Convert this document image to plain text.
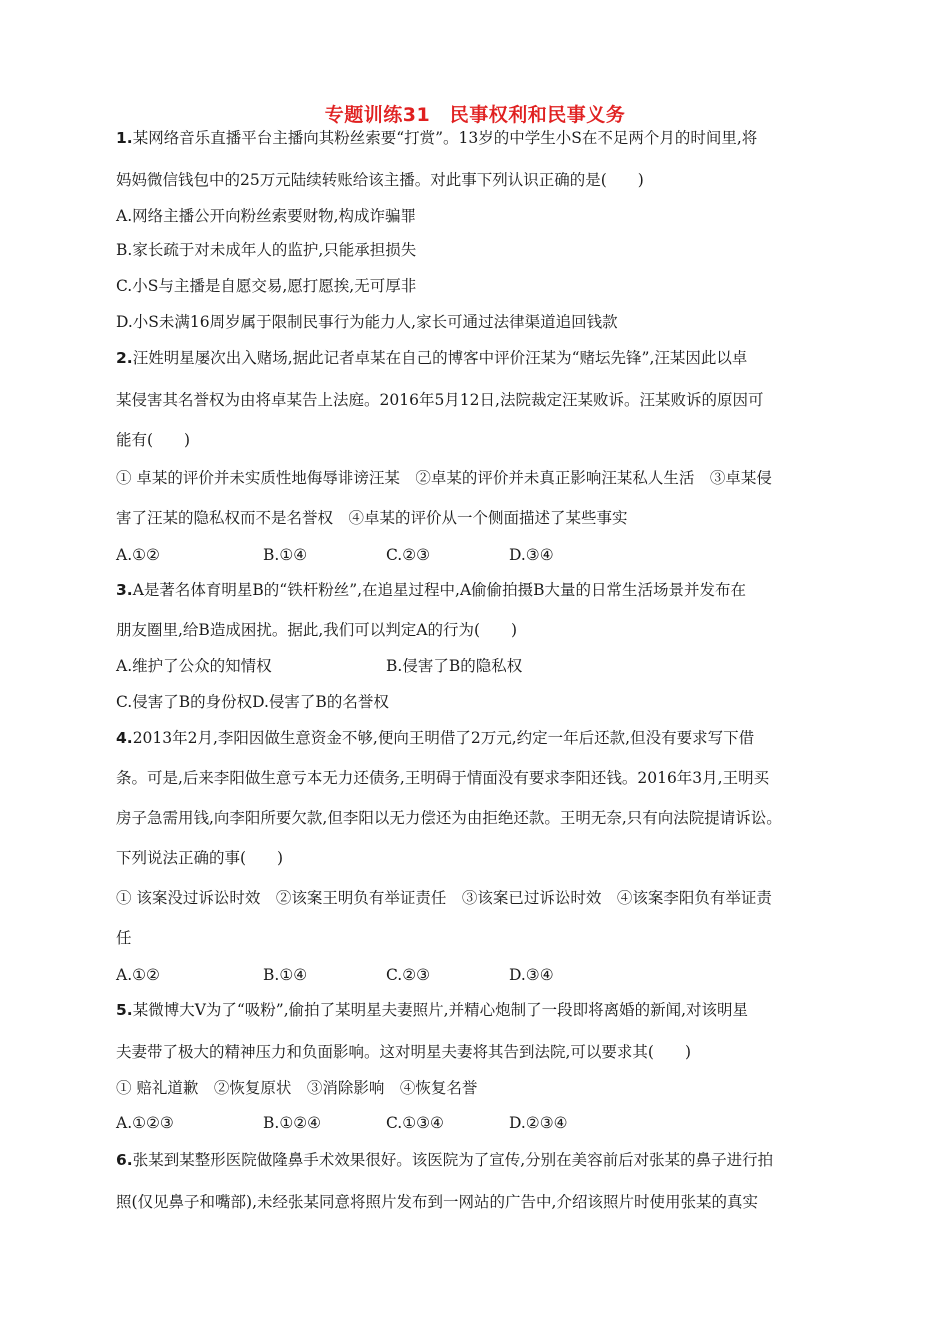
专题训练31　民事权利和民事义务
1.某网络音乐直播平台主播向其粉丝索要“打赏”。13岁的中学生小S在不足两个月的时间里,将
妈妈微信钱包中的25万元陆续转账给该主播。对此事下列认识正确的是(　　)
A.网络主播公开向粉丝索要财物,构成诈骗罪
B.家长疏于对未成年人的监护,只能承担损失
C.小S与主播是自愿交易,愿打愿挨,无可厚非
D.小S未满16周岁属于限制民事行为能力人,家长可通过法律渠道追回钱款
2.汪姓明星屡次出入赌场,据此记者卓某在自己的博客中评价汪某为“赌坛先锋”,汪某因此以卓
某侵害其名誉权为由将卓某告上法庭。2016年5月12日,法院裁定汪某败诉。汪某败诉的原因可
能有(　　)
① 卓某的评价并未实质性地侮辱诽谤汪某　②卓某的评价并未真正影响汪某私人生活　③卓某侵
害了汪某的隐私权而不是名誉权　④卓某的评价从一个侧面描述了某些事实
A.①②	B.①④	C.②③	D.③④
3.A是著名体育明星B的“铁杆粉丝”,在追星过程中,A偷偷拍摄B大量的日常生活场景并发布在
朋友圈里,给B造成困扰。据此,我们可以判定A的行为(　　)
A.维护了公众的知情权	B.侵害了B的隐私权
C.侵害了B的身份权D.侵害了B的名誉权
4.2013年2月,李阳因做生意资金不够,便向王明借了2万元,约定一年后还款,但没有要求写下借
条。可是,后来李阳做生意亏本无力还债务,王明碍于情面没有要求李阳还钱。2016年3月,王明买
房子急需用钱,向李阳所要欠款,但李阳以无力偿还为由拒绝还款。王明无奈,只有向法院提请诉讼。
下列说法正确的事(　　)
① 该案没过诉讼时效　②该案王明负有举证责任　③该案已过诉讼时效　④该案李阳负有举证责
任
A.①②	B.①④	C.②③	D.③④
5.某微博大V为了“吸粉”,偷拍了某明星夫妻照片,并精心炮制了一段即将离婚的新闻,对该明星
夫妻带了极大的精神压力和负面影响。这对明星夫妻将其告到法院,可以要求其(　　)
① 赔礼道歉　②恢复原状　③消除影响　④恢复名誉
A.①②③	B.①②④	C.①③④	D.②③④
6.张某到某整形医院做隆鼻手术效果很好。该医院为了宣传,分别在美容前后对张某的鼻子进行拍
照(仅见鼻子和嘴部),未经张某同意将照片发布到一网站的广告中,介绍该照片时使用张某的真实
